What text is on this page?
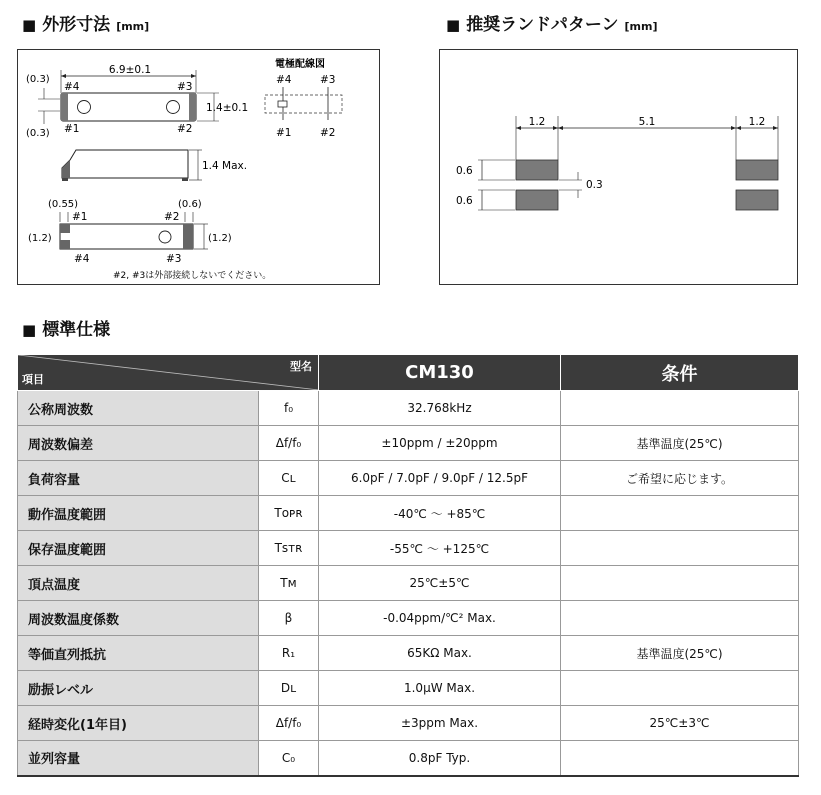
■ 外形寸法 [mm]	■ 推奨ランドパターン [mm]
■ 標準仕様
6.9±0.1
(0.3)
(0.3)
#4	#3
1.4±0.1
#1	#2
電極配線図
#4	#3
#1	#2
1.4 Max.
(0.55)	(0.6)
#1	#2
(1.2)	(1.2)
#4	#3
#2, #3は外部接続しないでください。
1.2	5.1	1.2
0.6
0.6
0.3
型名
項目		CM130	条件
公称周波数	f₀	32.768kHz	
周波数偏差	Δf/f₀	±10ppm / ±20ppm	基準温度(25℃)
負荷容量	Cʟ	6.0pF / 7.0pF / 9.0pF / 12.5pF	ご希望に応じます。
動作温度範囲	Tᴏᴘʀ	-40℃ ～ +85℃	
保存温度範囲	Tꜱᴛʀ	-55℃ ～ +125℃	
頂点温度	Tᴍ	25℃±5℃	
周波数温度係数	β	-0.04ppm/℃² Max.	
等価直列抵抗	R₁	65KΩ Max.	基準温度(25℃)
励振レベル	Dʟ	1.0μW Max.	
経時変化(1年目)	Δf/f₀	±3ppm Max.	25℃±3℃
並列容量	C₀	0.8pF Typ.	
